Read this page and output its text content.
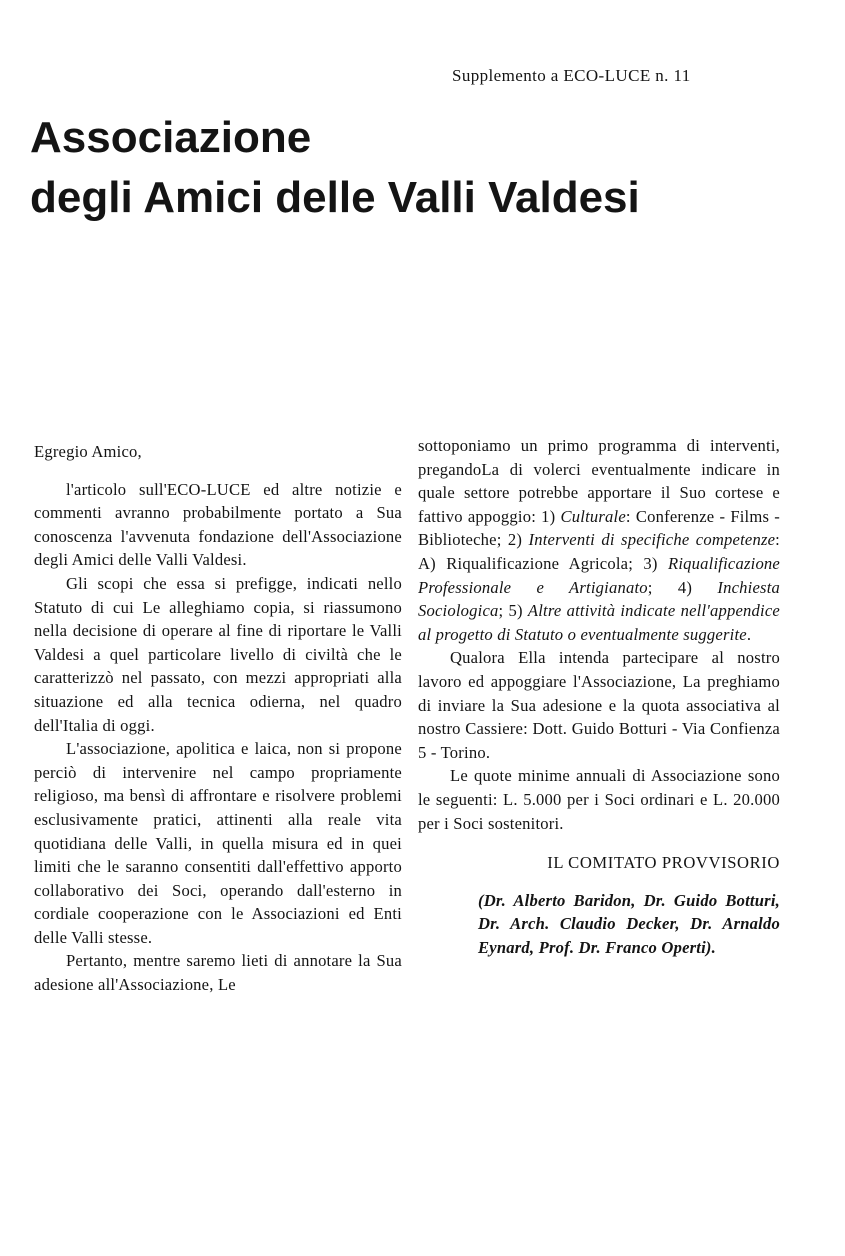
Supplemento a ECO-LUCE n. 11
Associazione
degli Amici delle Valli Valdesi

Egregio Amico,

l'articolo sull'ECO-LUCE ed altre notizie e commenti avranno probabilmente portato a Sua conoscenza l'avvenuta fondazione dell'Associazione degli Amici delle Valli Valdesi.

Gli scopi che essa si prefigge, indicati nello Statuto di cui Le alleghiamo copia, si riassumono nella decisione di operare al fine di riportare le Valli Valdesi a quel particolare livello di civiltà che le caratterizzò nel passato, con mezzi appropriati alla situazione ed alla tecnica odierna, nel quadro dell'Italia di oggi.

L'associazione, apolitica e laica, non si propone perciò di intervenire nel campo propriamente religioso, ma bensì di affrontare e risolvere problemi esclusivamente pratici, attinenti alla reale vita quotidiana delle Valli, in quella misura ed in quei limiti che le saranno consentiti dall'effettivo apporto collaborativo dei Soci, operando dall'esterno in cordiale cooperazione con le Associazioni ed Enti delle Valli stesse.

Pertanto, mentre saremo lieti di annotare la Sua adesione all'Associazione, Le

sottoponiamo un primo programma di interventi, pregandoLa di volerci eventualmente indicare in quale settore potrebbe apportare il Suo cortese e fattivo appoggio: 1) Culturale: Conferenze - Films - Biblioteche; 2) Interventi di specifiche competenze: A) Riqualificazione Agricola; 3) Riqualificazione Professionale e Artigianato; 4) Inchiesta Sociologica; 5) Altre attività indicate nell'appendice al progetto di Statuto o eventualmente suggerite.

Qualora Ella intenda partecipare al nostro lavoro ed appoggiare l'Associazione, La preghiamo di inviare la Sua adesione e la quota associativa al nostro Cassiere: Dott. Guido Botturi - Via Confienza 5 - Torino.

Le quote minime annuali di Associazione sono le seguenti: L. 5.000 per i Soci ordinari e L. 20.000 per i Soci sostenitori.

IL COMITATO PROVVISORIO

(Dr. Alberto Baridon, Dr. Guido Botturi, Dr. Arch. Claudio Decker, Dr. Arnaldo Eynard, Prof. Dr. Franco Operti).
